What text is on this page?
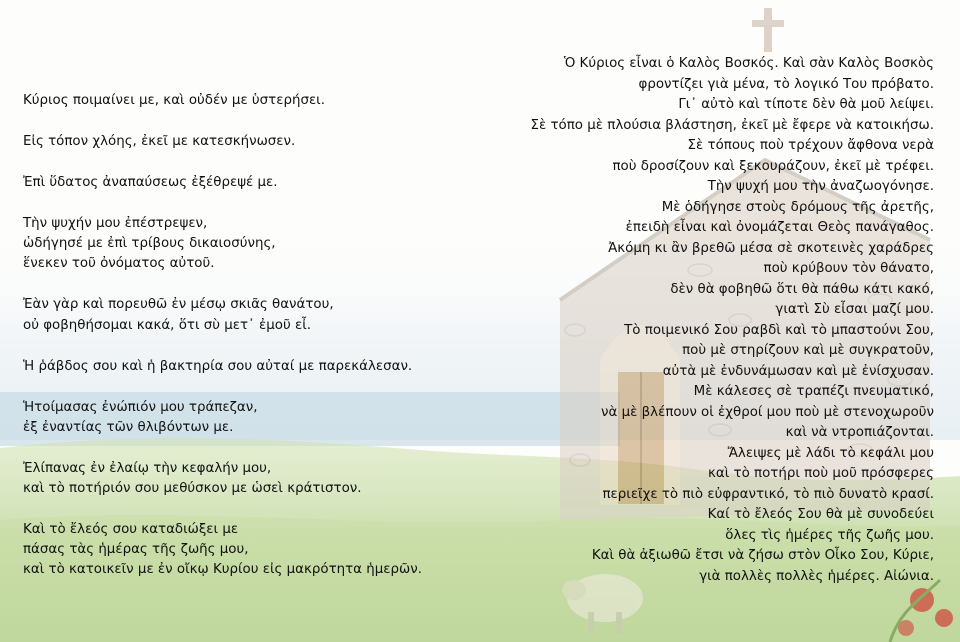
Κύριος ποιμαίνει με, καὶ οὐδέν με ὑστερήσει.
Εἰς τόπον χλόης, ἐκεῖ με κατεσκήνωσεν.
Ἐπὶ ὕδατος ἀναπαύσεως ἐξέθρεψέ με.
Τὴν ψυχήν μου ἐπέστρεψεν,
ὡδήγησέ με ἐπὶ τρίβους δικαιοσύνης,
ἕνεκεν τοῦ ὀνόματος αὐτοῦ.
Ἐὰν γὰρ καὶ πορευθῶ ἐν μέσῳ σκιᾶς θανάτου,
οὐ φοβηθήσομαι κακά, ὅτι σὺ μετ᾽ ἐμοῦ εἶ.
Ἡ ῥάβδος σου καὶ ἡ βακτηρία σου αὐταί με παρεκάλεσαν.
Ἡτοίμασας ἐνώπιόν μου τράπεζαν,
ἐξ ἐναντίας τῶν θλιβόντων με.
Ἐλίπανας ἐν ἐλαίῳ τὴν κεφαλήν μου,
καὶ τὸ ποτήριόν σου μεθύσκον με ὡσεὶ κράτιστον.
Καὶ τὸ ἔλεός σου καταδιώξει με
πάσας τὰς ἡμέρας τῆς ζωῆς μου,
καὶ τὸ κατοικεῖν με ἐν οἴκῳ Κυρίου εἰς μακρότητα ἡμερῶν.
Ὁ Κύριος εἶναι ὁ Καλὸς Βοσκός. Καὶ σὰν Καλὸς Βοσκὸς
φροντίζει γιὰ μένα, τὸ λογικό Του πρόβατο.
Γι᾽ αὐτὸ καὶ τίποτε δὲν θὰ μοῦ λείψει.
Σὲ τόπο μὲ πλούσια βλάστηση, ἐκεῖ μὲ ἔφερε νὰ κατοικήσω.
Σὲ τόπους ποὺ τρέχουν ἄφθονα νερὰ
ποὺ δροσίζουν καὶ ξεκουράζουν, ἐκεῖ μὲ τρέφει.
Τὴν ψυχή μου τὴν ἀναζωογόνησε.
Μὲ ὁδήγησε στοὺς δρόμους τῆς ἀρετῆς,
ἐπειδὴ εἶναι καὶ ὀνομάζεται Θεὸς πανάγαθος.
Ἀκόμη κι ἂν βρεθῶ μέσα σὲ σκοτεινὲς χαράδρες
ποὺ κρύβουν τὸν θάνατο,
δὲν θὰ φοβηθῶ ὅτι θὰ πάθω κάτι κακό,
γιατὶ Σὺ εἶσαι μαζί μου.
Τὸ ποιμενικό Σου ραβδὶ καὶ τὸ μπαστούνι Σου,
ποὺ μὲ στηρίζουν καὶ μὲ συγκρατοῦν,
αὐτὰ μὲ ἐνδυνάμωσαν καὶ μὲ ἐνίσχυσαν.
Μὲ κάλεσες σὲ τραπέζι πνευματικό,
νὰ μὲ βλέπουν οἱ ἐχθροί μου ποὺ μὲ στενοχωροῦν
καὶ νὰ ντροπιάζονται.
Ἄλειψες μὲ λάδι τὸ κεφάλι μου
καὶ τὸ ποτήρι ποὺ μοῦ πρόσφερες
περιεῖχε τὸ πιὸ εὐφραντικό, τὸ πιὸ δυνατὸ κρασί.
Καί τὸ ἔλεός Σου θὰ μὲ συνοδεύει
ὅλες τὶς ἡμέρες τῆς ζωῆς μου.
Καὶ θὰ ἀξιωθῶ ἔτσι νὰ ζήσω στὸν Οἶκο Σου, Κύριε,
γιὰ πολλὲς πολλὲς ἡμέρες. Αἰώνια.
